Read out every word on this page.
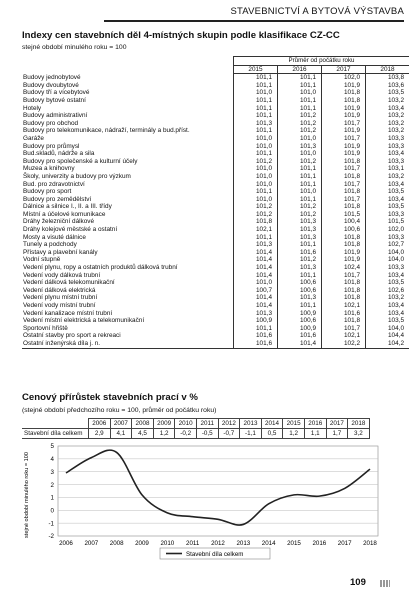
STAVEBNICTVÍ A BYTOVÁ VÝSTAVBA
Indexy cen stavebních děl 4-místných skupin podle klasifikace CZ-CC
stejné období minulého roku = 100
	Průměr od počátku roku			
	2015	2016	2017	2018
Budovy jednobytové	101,1	101,1	102,0	103,8
Budovy dvoubytové	101,1	101,1	101,9	103,6
Budovy tří a vícebytové	101,0	101,0	101,8	103,5
Budovy bytové ostatní	101,1	101,1	101,8	103,2
Hotely	101,1	101,1	101,9	103,4
Budovy administrativní	101,1	101,2	101,9	103,2
Budovy pro obchod	101,3	101,2	101,7	103,2
Budovy pro telekomunikace, nádraží, terminály a bud.příst.	101,1	101,2	101,9	103,2
Garáže	101,0	101,0	101,7	103,3
Budovy pro průmysl	101,0	101,3	101,9	103,3
Bud.skladů, nádrže a sila	101,1	101,0	101,9	103,4
Budovy pro společenské a kulturní účely	101,2	101,2	101,8	103,3
Muzea a knihovny	101,0	101,1	101,7	103,1
Školy, univerzity a budovy pro výzkum	101,0	101,1	101,8	103,2
Bud. pro zdravotnictví	101,0	101,1	101,7	103,4
Budovy pro sport	101,1	101,0	101,8	103,5
Budovy pro zemědělství	101,0	101,1	101,7	103,4
Dálnice a silnice I., II. a III. třídy	101,2	101,2	101,8	103,5
Místní a účelové komunikace	101,2	101,2	101,5	103,3
Dráhy železniční dálkové	101,8	101,3	100,4	101,5
Dráhy kolejové městské a ostatní	102,1	101,3	100,6	102,0
Mosty a visuté dálnice	101,1	101,3	101,8	103,3
Tunely a podchody	101,3	101,1	101,8	102,7
Přístavy a plavební kanály	101,4	101,6	101,9	104,0
Vodní stupně	101,4	101,2	101,9	104,0
Vedení plynu, ropy a ostatních produktů dálková trubní	101,4	101,3	102,4	103,3
Vedení vody dálková trubní	101,4	101,1	101,7	103,4
Vedení dálková telekomunikační	101,0	100,6	101,8	103,5
Vedení dálková elektrická	100,7	100,6	101,8	102,6
Vedení plynu místní trubní	101,4	101,3	101,8	103,2
Vedení vody místní trubní	101,4	101,1	102,1	103,4
Vedení kanalizace místní trubní	101,3	100,9	101,6	103,4
Vedení místní elektrická a telekomunikační	100,9	100,6	101,8	103,5
Sportovní hřiště	101,1	100,9	101,7	104,0
Ostatní stavby pro sport a rekreaci	101,6	101,6	102,1	104,4
Ostatní inženýrská díla j. n.	101,6	101,4	102,2	104,2
Cenový přírůstek stavebních prací v %
(stejné období předchozího roku = 100, průměr od počátku roku)
	2006	2007	2008	2009	2010	2011	2012	2013	2014	2015	2016	2017	2018
Stavební díla celkem	2,9	4,1	4,5	1,2	-0,2	-0,5	-0,7	-1,1	0,5	1,2	1,1	1,7	3,2
-2
-1
0
1
2
3
4
5
2006 2007 2008 2009 2010 2011 2012 2013 2014 2015 2016 2017 2018
stejné období minulého roku = 100
Stavební díla celkem
109
